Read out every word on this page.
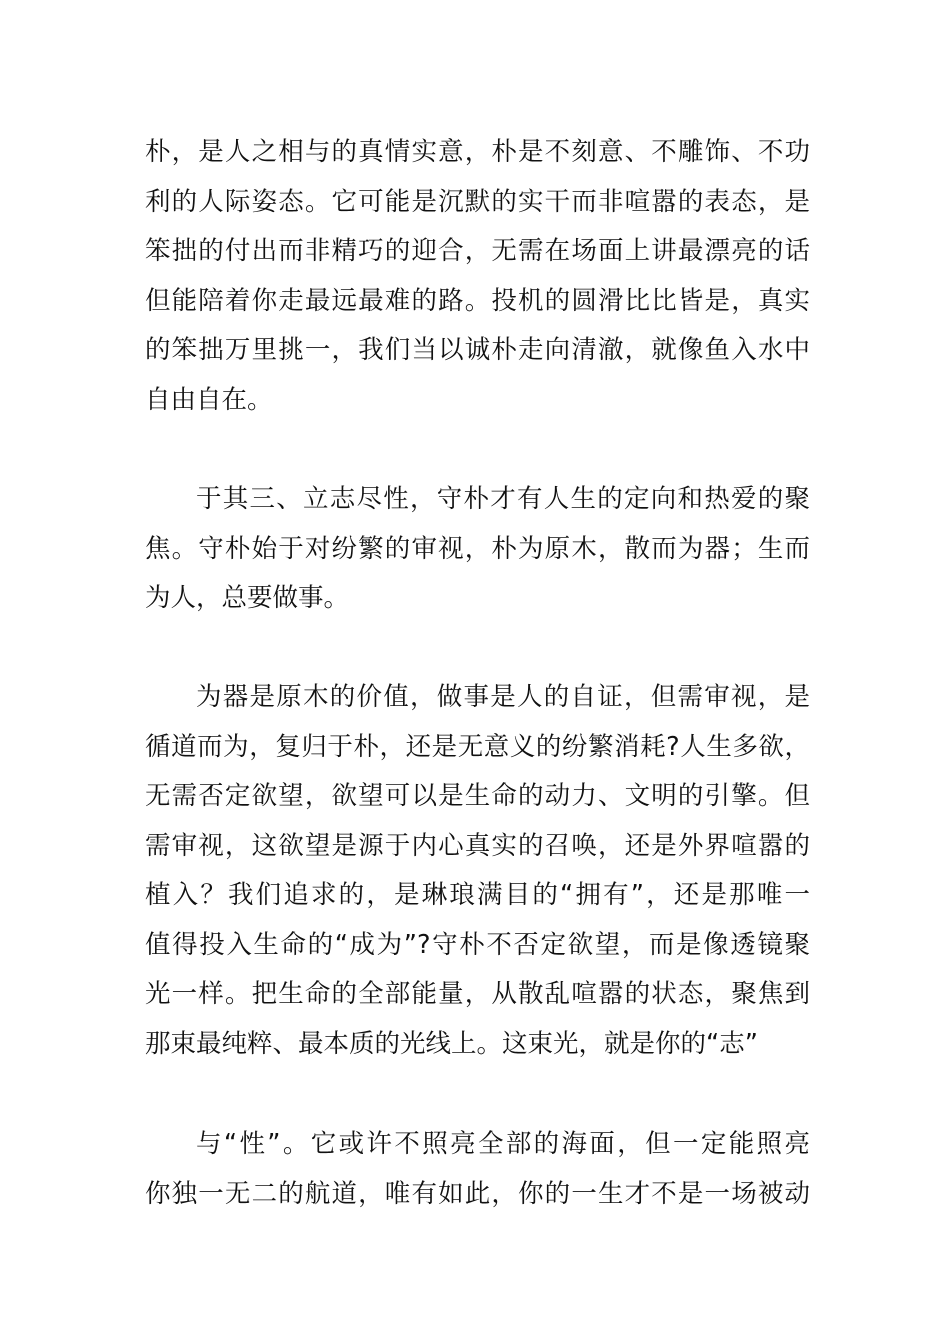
朴，是人之相与的真情实意，朴是不刻意、不雕饰、不功
利的人际姿态。它可能是沉默的实干而非喧嚣的表态，是
笨拙的付出而非精巧的迎合，无需在场面上讲最漂亮的话
但能陪着你走最远最难的路。投机的圆滑比比皆是，真实
的笨拙万里挑一，我们当以诚朴走向清澈，就像鱼入水中
自由自在。
于其三、立志尽性，守朴才有人生的定向和热爱的聚
焦。守朴始于对纷繁的审视，朴为原木，散而为器；生而
为人，总要做事。
为器是原木的价值，做事是人的自证，但需审视，是
循道而为，复归于朴，还是无意义的纷繁消耗?人生多欲，
无需否定欲望，欲望可以是生命的动力、文明的引擎。但
需审视，这欲望是源于内心真实的召唤，还是外界喧嚣的
植入？我们追求的，是琳琅满目的“拥有”，还是那唯一
值得投入生命的“成为”?守朴不否定欲望，而是像透镜聚
光一样。把生命的全部能量，从散乱喧嚣的状态，聚焦到
那束最纯粹、最本质的光线上。这束光，就是你的“志”
与“性”。它或许不照亮全部的海面，但一定能照亮
你独一无二的航道，唯有如此，你的一生才不是一场被动
